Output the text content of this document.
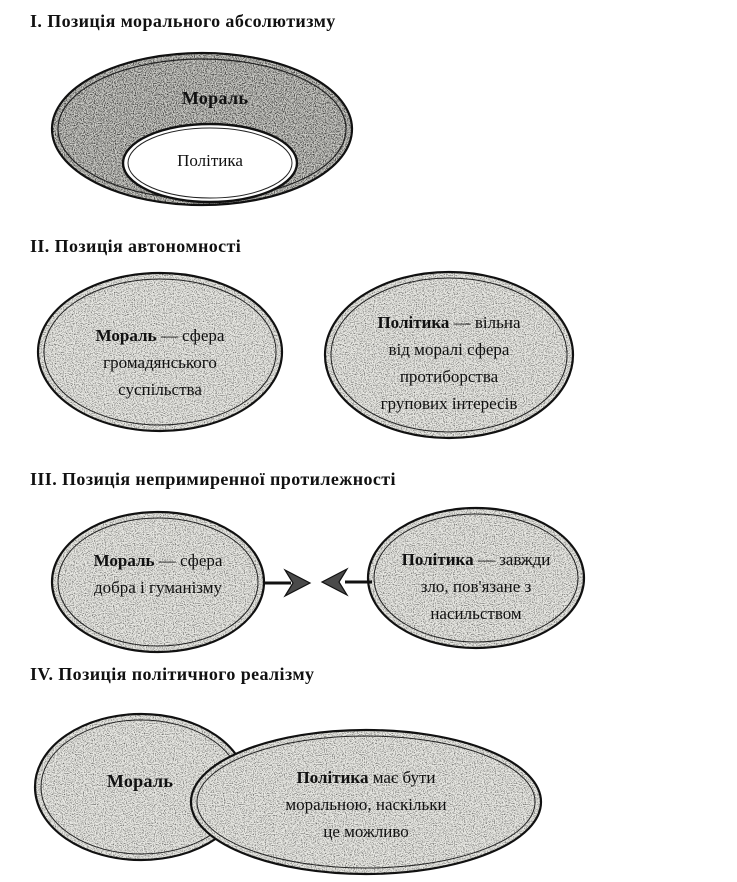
I. Позиція морального абсолютизму
II. Позиція автономності
III. Позиція непримиренної протилежності
IV. Позиція політичного реалізму
Мораль
Політика
Мораль — сфера
громадянського
суспільства
Політика — вільна
від моралі сфера
протиборства
групових інтересів
Мораль — сфера
добра і гуманізму
Політика — завжди
зло, пов'язане з
насильством
Мораль	Політика має бути
моральною, наскільки
це можливо
